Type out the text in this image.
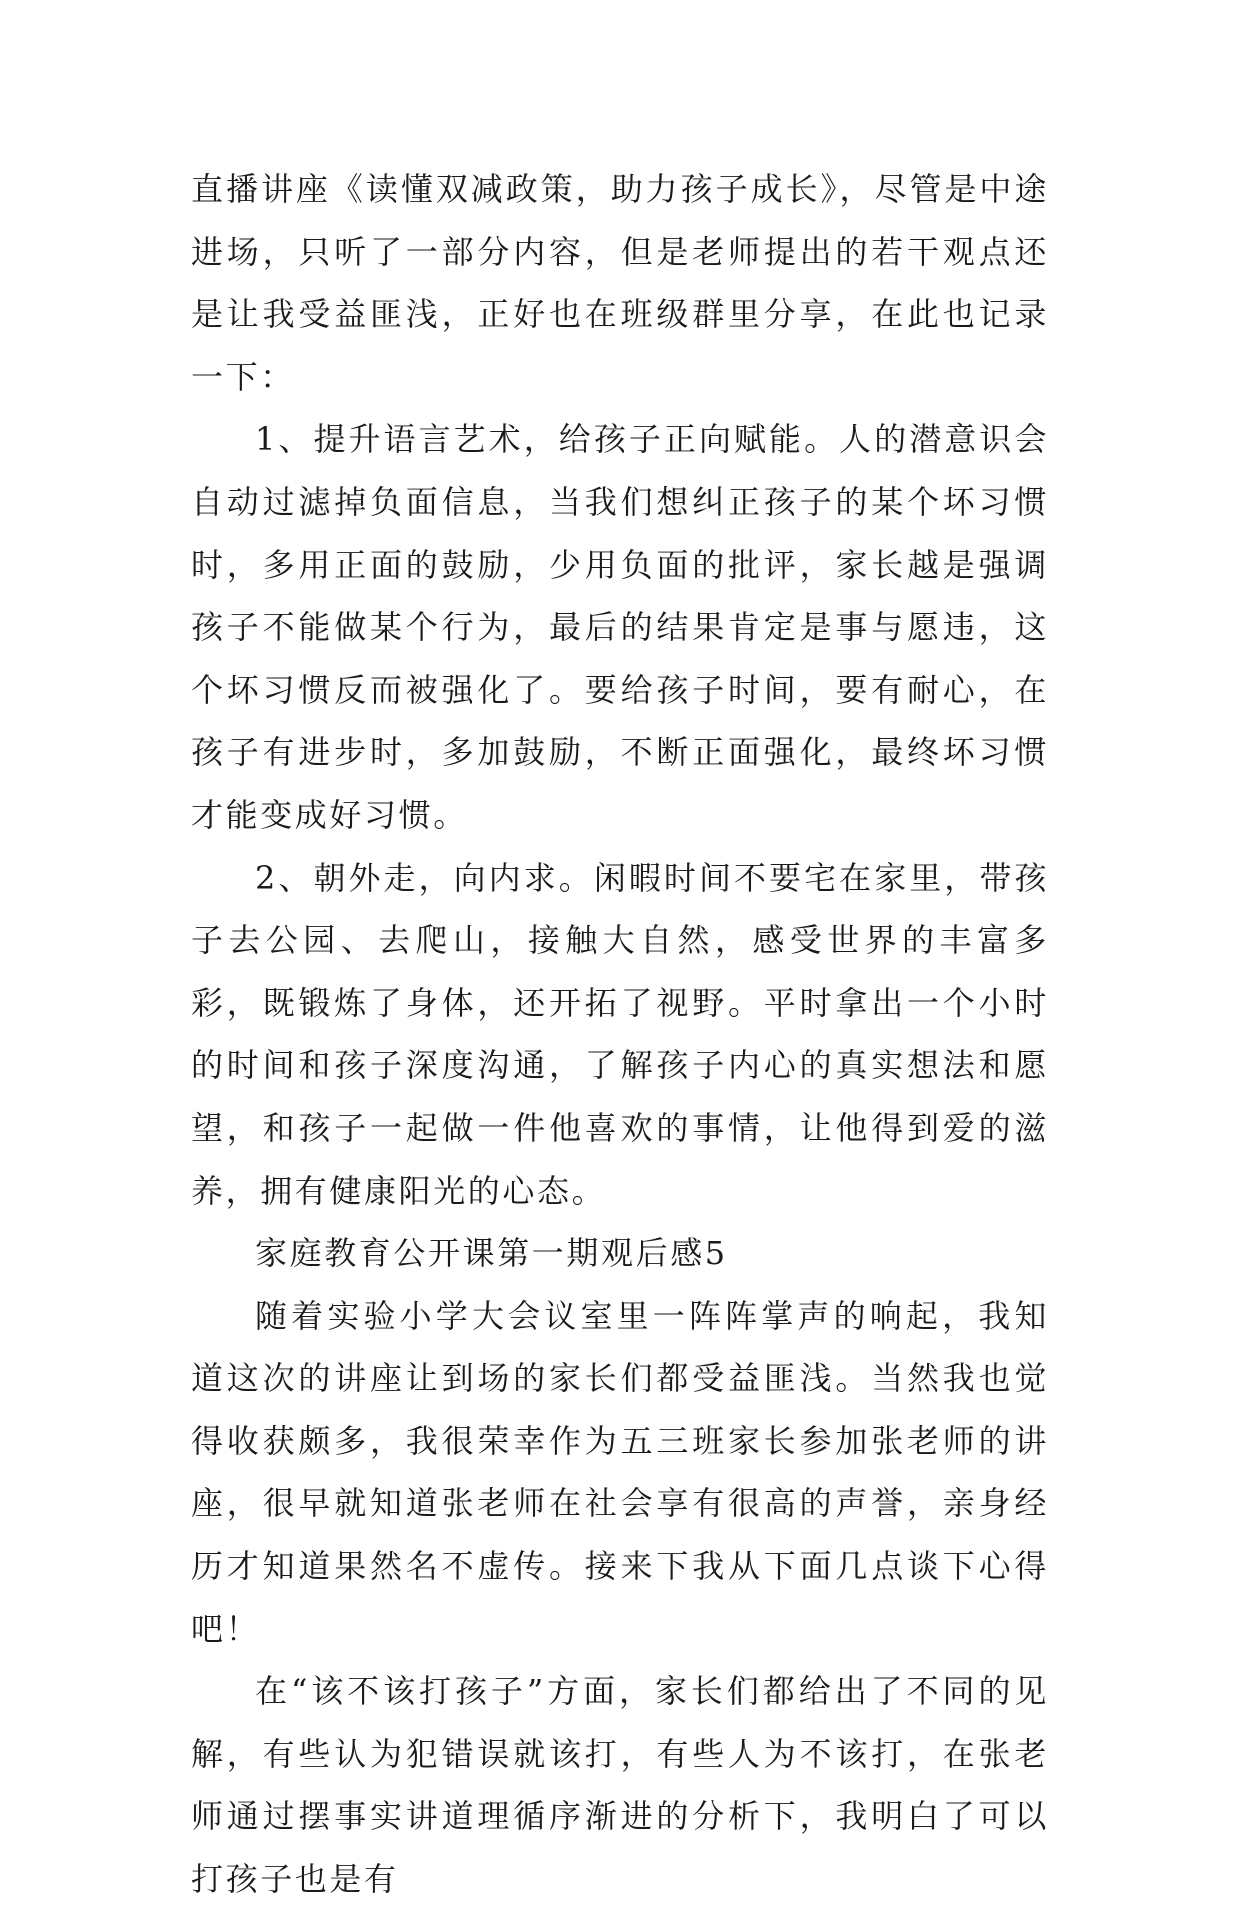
直播讲座《读懂双减政策，助力孩子成长》，尽管是中途进场，只听了一部分内容，但是老师提出的若干观点还是让我受益匪浅，正好也在班级群里分享，在此也记录一下：

1、提升语言艺术，给孩子正向赋能。人的潜意识会自动过滤掉负面信息，当我们想纠正孩子的某个坏习惯时，多用正面的鼓励，少用负面的批评，家长越是强调孩子不能做某个行为，最后的结果肯定是事与愿违，这个坏习惯反而被强化了。要给孩子时间，要有耐心，在孩子有进步时，多加鼓励，不断正面强化，最终坏习惯才能变成好习惯。

2、朝外走，向内求。闲暇时间不要宅在家里，带孩子去公园、去爬山，接触大自然，感受世界的丰富多彩，既锻炼了身体，还开拓了视野。平时拿出一个小时的时间和孩子深度沟通，了解孩子内心的真实想法和愿望，和孩子一起做一件他喜欢的事情，让他得到爱的滋养，拥有健康阳光的心态。

家庭教育公开课第一期观后感5

随着实验小学大会议室里一阵阵掌声的响起，我知道这次的讲座让到场的家长们都受益匪浅。当然我也觉得收获颇多，我很荣幸作为五三班家长参加张老师的讲座，很早就知道张老师在社会享有很高的声誉，亲身经历才知道果然名不虚传。接来下我从下面几点谈下心得吧！

在“该不该打孩子”方面，家长们都给出了不同的见解，有些认为犯错误就该打，有些人为不该打，在张老师通过摆事实讲道理循序渐进的分析下，我明白了可以打孩子也是有
